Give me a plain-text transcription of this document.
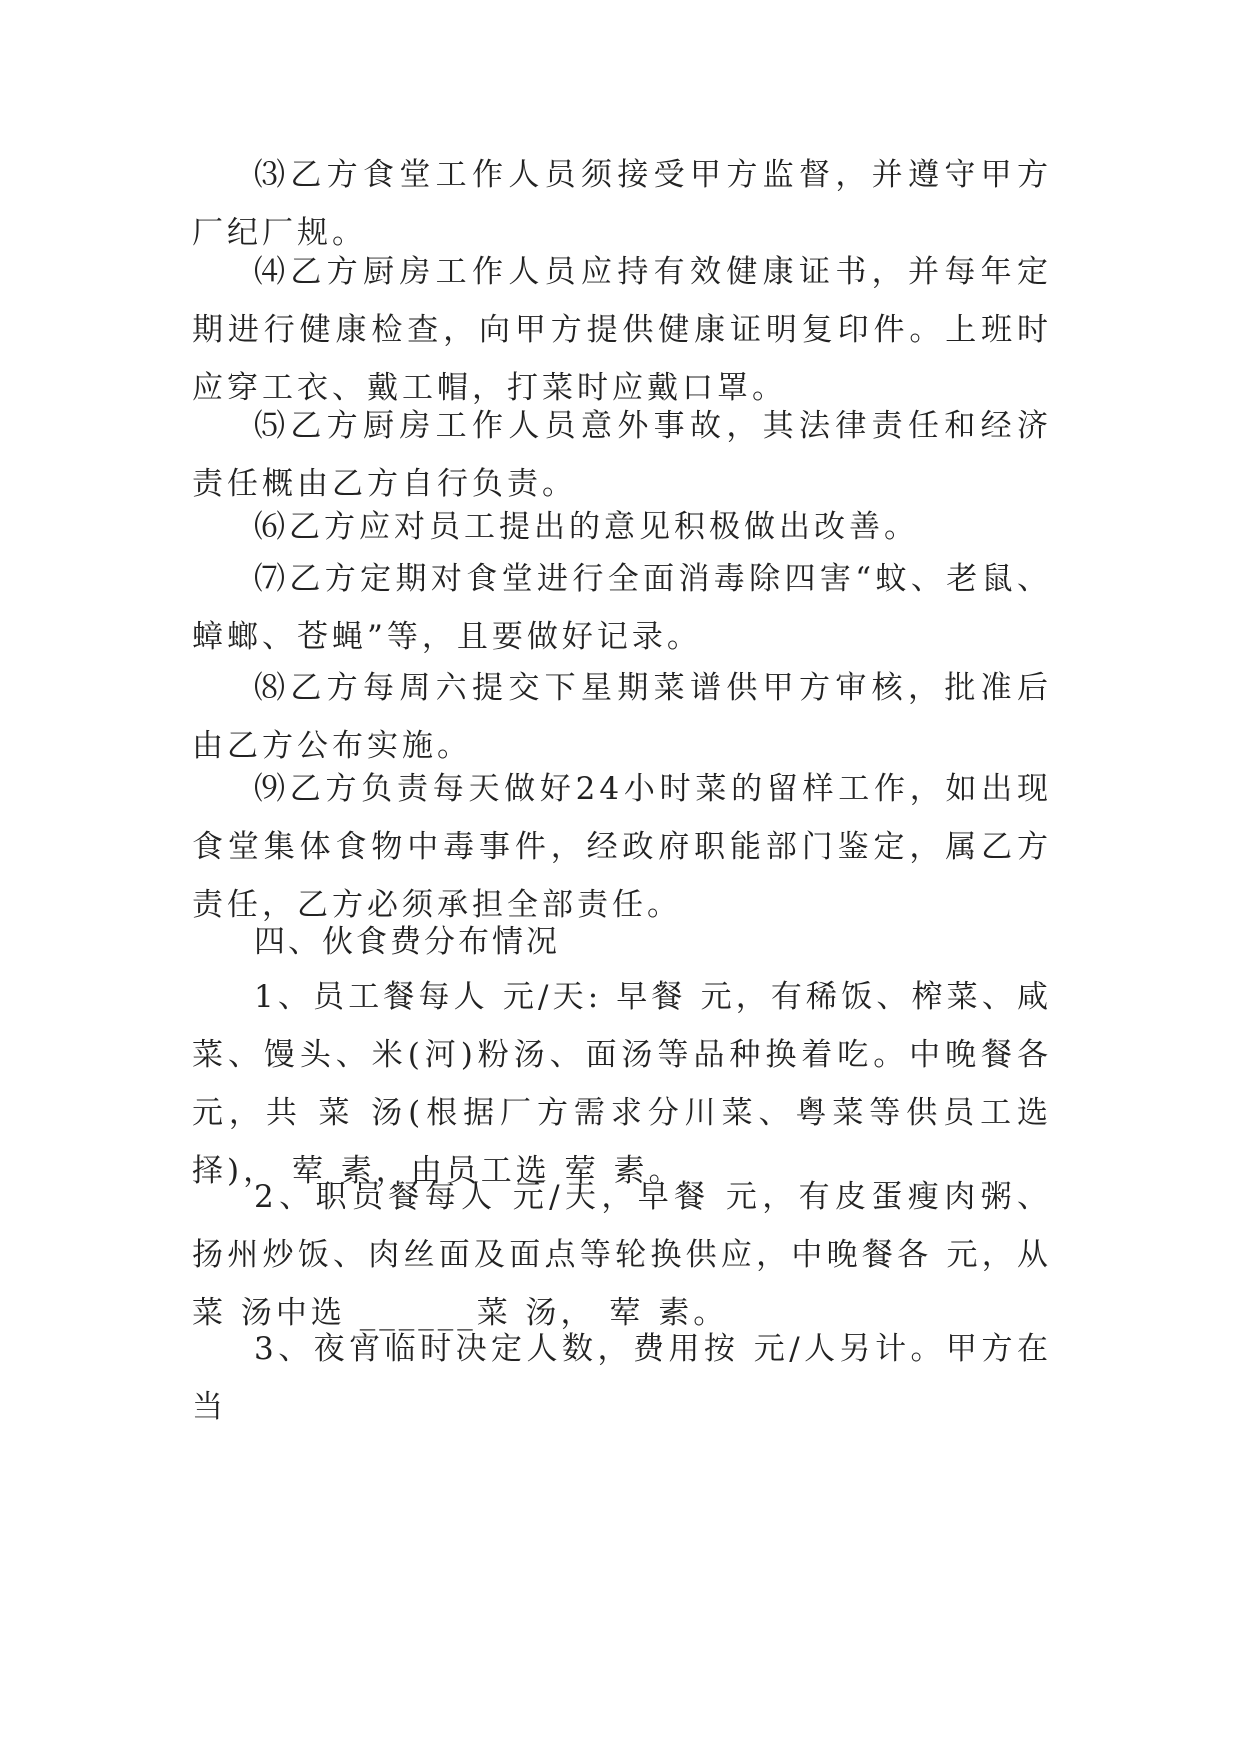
⑶乙方食堂工作人员须接受甲方监督，并遵守甲方厂纪厂规。

⑷乙方厨房工作人员应持有效健康证书，并每年定期进行健康检查，向甲方提供健康证明复印件。上班时应穿工衣、戴工帽，打菜时应戴口罩。

⑸乙方厨房工作人员意外事故，其法律责任和经济责任概由乙方自行负责。

⑹乙方应对员工提出的意见积极做出改善。

⑺乙方定期对食堂进行全面消毒除四害“蚊、老鼠、蟑螂、苍蝇”等，且要做好记录。

⑻乙方每周六提交下星期菜谱供甲方审核，批准后由乙方公布实施。

⑼乙方负责每天做好24小时菜的留样工作，如出现食堂集体食物中毒事件，经政府职能部门鉴定，属乙方责任，乙方必须承担全部责任。

四、伙食费分布情况

1、员工餐每人 元/天: 早餐 元，有稀饭、榨菜、咸菜、馒头、米(河)粉汤、面汤等品种换着吃。中晚餐各 元，共 菜 汤(根据厂方需求分川菜、粤菜等供员工选择)， 荤 素，由员工选 荤 素。

2、职员餐每人 元/天，早餐 元，有皮蛋瘦肉粥、扬州炒饭、肉丝面及面点等轮换供应，中晚餐各 元，从 菜 汤中选 ______菜 汤， 荤 素。

3、夜宵临时决定人数，费用按 元/人另计。甲方在当
